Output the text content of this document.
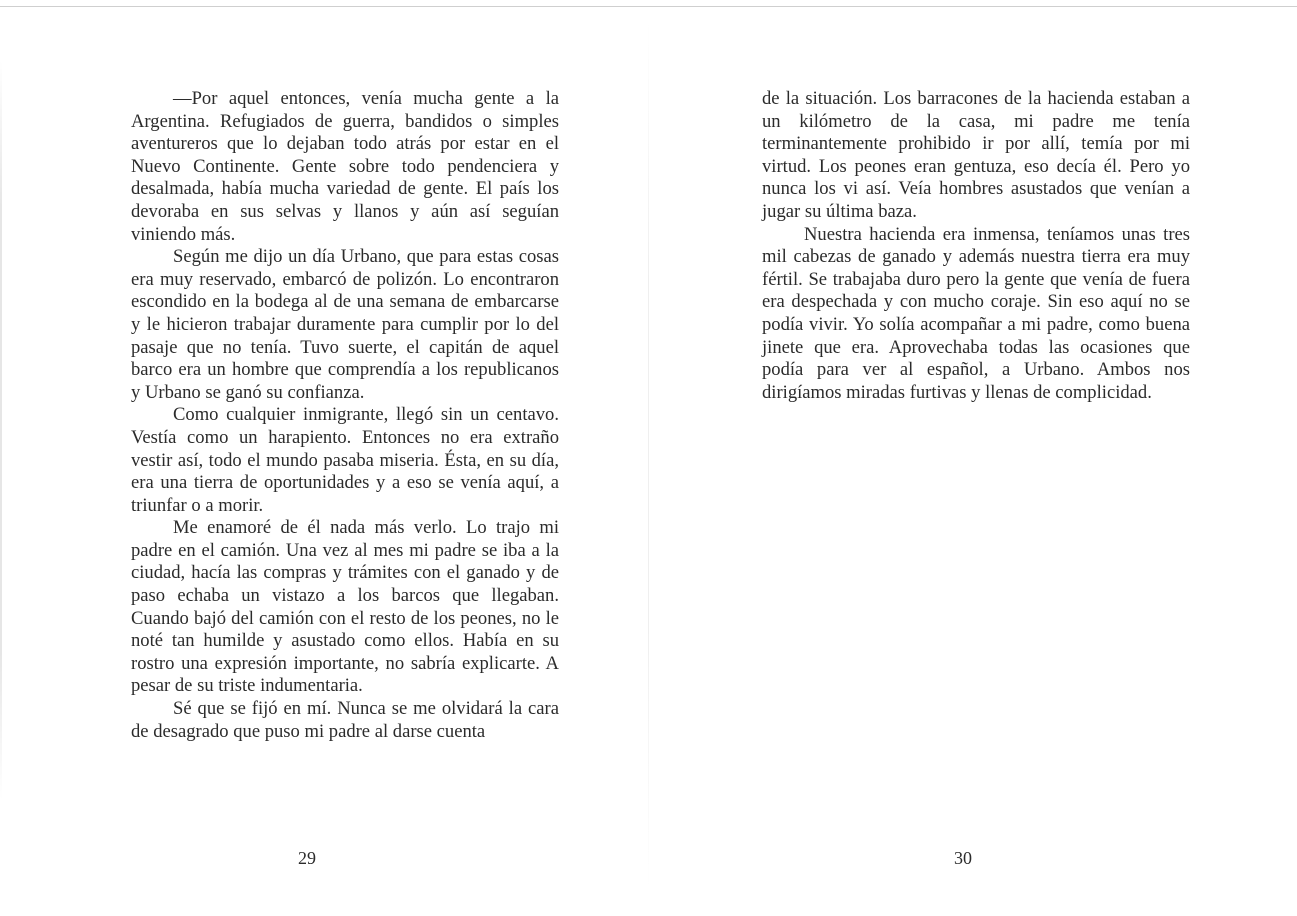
—Por aquel entonces, venía mucha gente a la Argentina. Refugiados de guerra, bandidos o simples aventureros que lo dejaban todo atrás por estar en el Nuevo Continente. Gente sobre todo pendenciera y desalmada, había mucha variedad de gente. El país los devoraba en sus selvas y llanos y aún así seguían viniendo más.

Según me dijo un día Urbano, que para estas cosas era muy reservado, embarcó de polizón. Lo encontraron escondido en la bodega al de una semana de embarcarse y le hicieron trabajar duramente para cumplir por lo del pasaje que no tenía. Tuvo suerte, el capitán de aquel barco era un hombre que comprendía a los republicanos y Urbano se ganó su confianza.

Como cualquier inmigrante, llegó sin un centavo. Vestía como un harapiento. Entonces no era extraño vestir así, todo el mundo pasaba miseria. Ésta, en su día, era una tierra de oportunidades y a eso se venía aquí, a triunfar o a morir.

Me enamoré de él nada más verlo. Lo trajo mi padre en el camión. Una vez al mes mi padre se iba a la ciudad, hacía las compras y trámites con el ganado y de paso echaba un vistazo a los barcos que llegaban. Cuando bajó del camión con el resto de los peones, no le noté tan humilde y asustado como ellos. Había en su rostro una expresión importante, no sabría explicarte. A pesar de su triste indumentaria.

Sé que se fijó en mí. Nunca se me olvidará la cara de desagrado que puso mi padre al darse cuenta

de la situación. Los barracones de la hacienda estaban a un kilómetro de la casa, mi padre me tenía terminantemente prohibido ir por allí, temía por mi virtud. Los peones eran gentuza, eso decía él. Pero yo nunca los vi así. Veía hombres asustados que venían a jugar su última baza.

Nuestra hacienda era inmensa, teníamos unas tres mil cabezas de ganado y además nuestra tierra era muy fértil. Se trabajaba duro pero la gente que venía de fuera era despechada y con mucho coraje. Sin eso aquí no se podía vivir. Yo solía acompañar a mi padre, como buena jinete que era. Aprovechaba todas las ocasiones que podía para ver al español, a Urbano. Ambos nos dirigíamos miradas furtivas y llenas de complicidad.

29	30
